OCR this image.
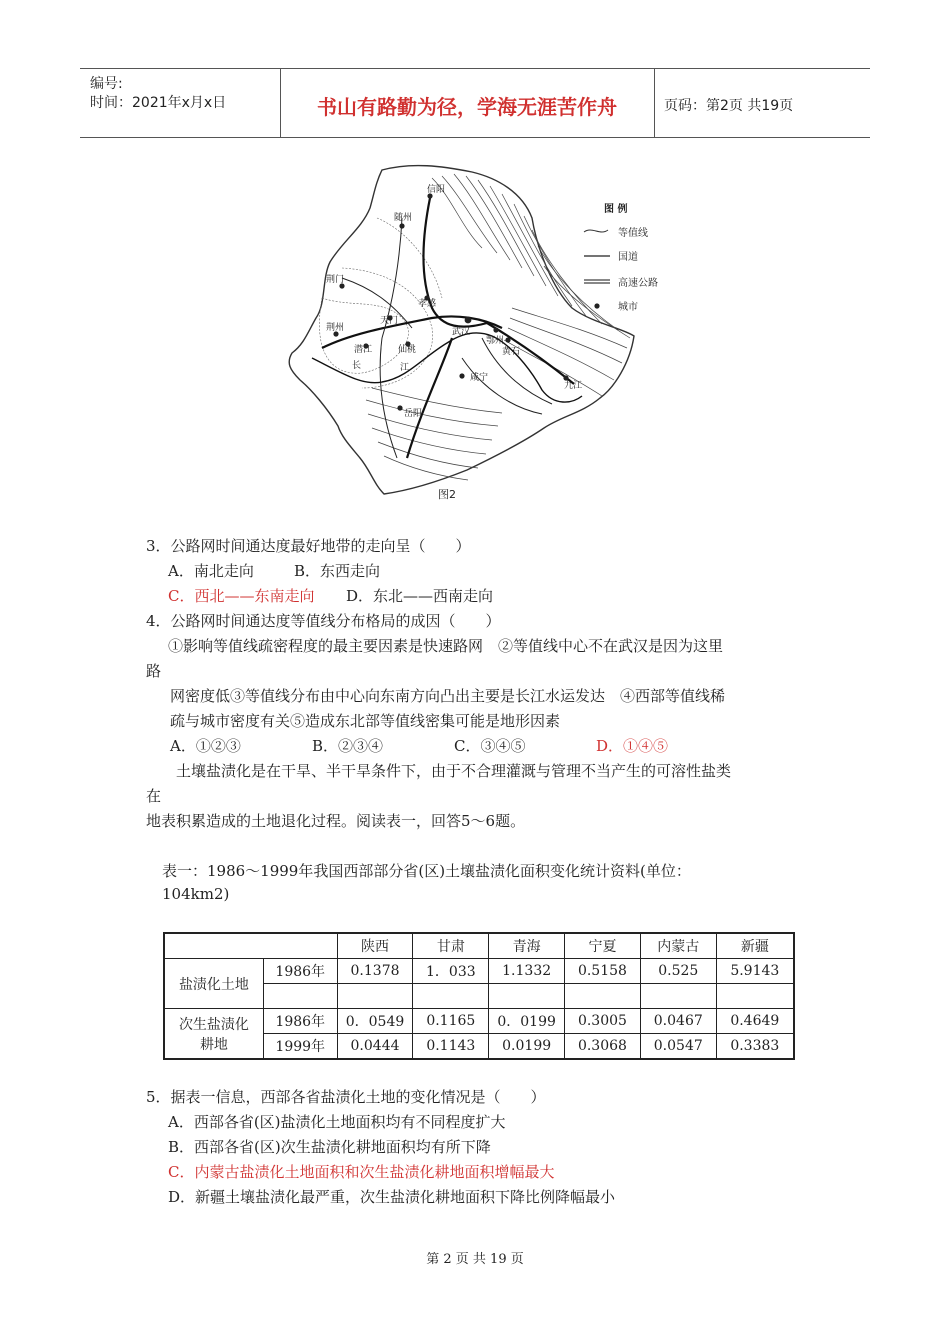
编号:
时间：2021年x月x日	书山有路勤为径，学海无涯苦作舟	页码：第2页 共19页
信阳
随州
荆门
孝感
天门
荆州
潜江	仙桃
武汉
鄂州
黄石
咸宁
岳阳
九江
长	江
图 例
等值线
国道
高速公路
城市
图2
3．公路网时间通达度最好地带的走向呈（　　）
A．南北走向	B．东西走向
C．西北——东南走向 D．东北——西南走向
4．公路网时间通达度等值线分布格局的成因（　　）
①影响等值线疏密程度的最主要因素是快速路网　②等值线中心不在武汉是因为这里
路
网密度低③等值线分布由中心向东南方向凸出主要是长江水运发达　④西部等值线稀
疏与城市密度有关⑤造成东北部等值线密集可能是地形因素
A．①②③	B．②③④	C．③④⑤	D．①④⑤
土壤盐渍化是在干旱、半干旱条件下，由于不合理灌溉与管理不当产生的可溶性盐类
在
地表积累造成的土地退化过程。阅读表一，回答5～6题。
表一：1986～1999年我国西部部分省(区)土壤盐渍化面积变化统计资料(单位：
104km2)
		陕西	甘肃	青海	宁夏	内蒙古	新疆
盐渍化土地	1986年	0.1378	1．033	1.1332	0.5158	0.525	5.9143

次生盐渍化
耕地	1986年	0．0549	0.1165	0．0199	0.3005	0.0467	0.4649
	1999年	0.0444	0.1143	0.0199	0.3068	0.0547	0.3383
5．据表一信息，西部各省盐渍化土地的变化情况是（　　）
A．西部各省(区)盐渍化土地面积均有不同程度扩大
B．西部各省(区)次生盐渍化耕地面积均有所下降
C．内蒙古盐渍化土地面积和次生盐渍化耕地面积增幅最大
D．新疆土壤盐渍化最严重，次生盐渍化耕地面积下降比例降幅最小
第 2 页 共 19 页
